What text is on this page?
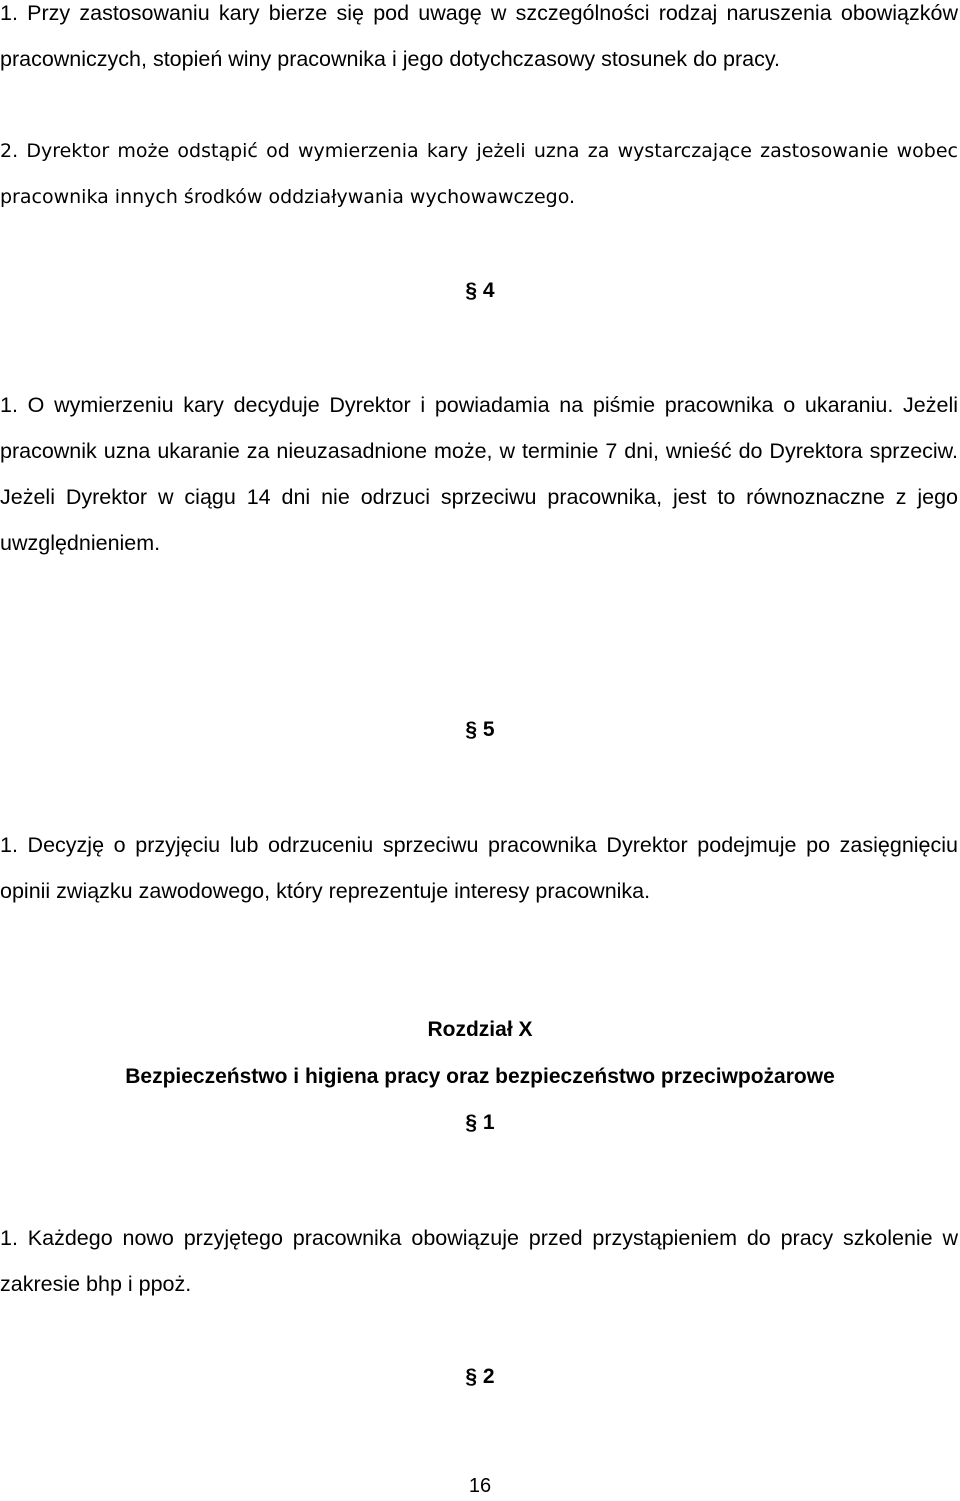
1. Przy zastosowaniu kary bierze się pod uwagę w szczególności rodzaj naruszenia obowiązków pracowniczych, stopień winy pracownika i jego dotychczasowy stosunek do pracy.

2. Dyrektor może odstąpić od wymierzenia kary jeżeli uzna za wystarczające zastosowanie wobec pracownika innych środków oddziaływania wychowawczego.

§ 4

1. O wymierzeniu kary decyduje Dyrektor i powiadamia na piśmie pracownika o ukaraniu. Jeżeli pracownik uzna ukaranie za nieuzasadnione może, w terminie 7 dni, wnieść do Dyrektora sprzeciw. Jeżeli Dyrektor w ciągu 14 dni nie odrzuci sprzeciwu pracownika, jest to równoznaczne z jego uwzględnieniem.

§ 5

1. Decyzję o przyjęciu lub odrzuceniu sprzeciwu pracownika Dyrektor podejmuje po zasięgnięciu opinii związku zawodowego, który reprezentuje interesy pracownika.

Rozdział X
Bezpieczeństwo i higiena pracy oraz bezpieczeństwo przeciwpożarowe
§ 1

1. Każdego nowo przyjętego pracownika obowiązuje przed przystąpieniem do pracy szkolenie w zakresie bhp i ppoż.

§ 2
16
